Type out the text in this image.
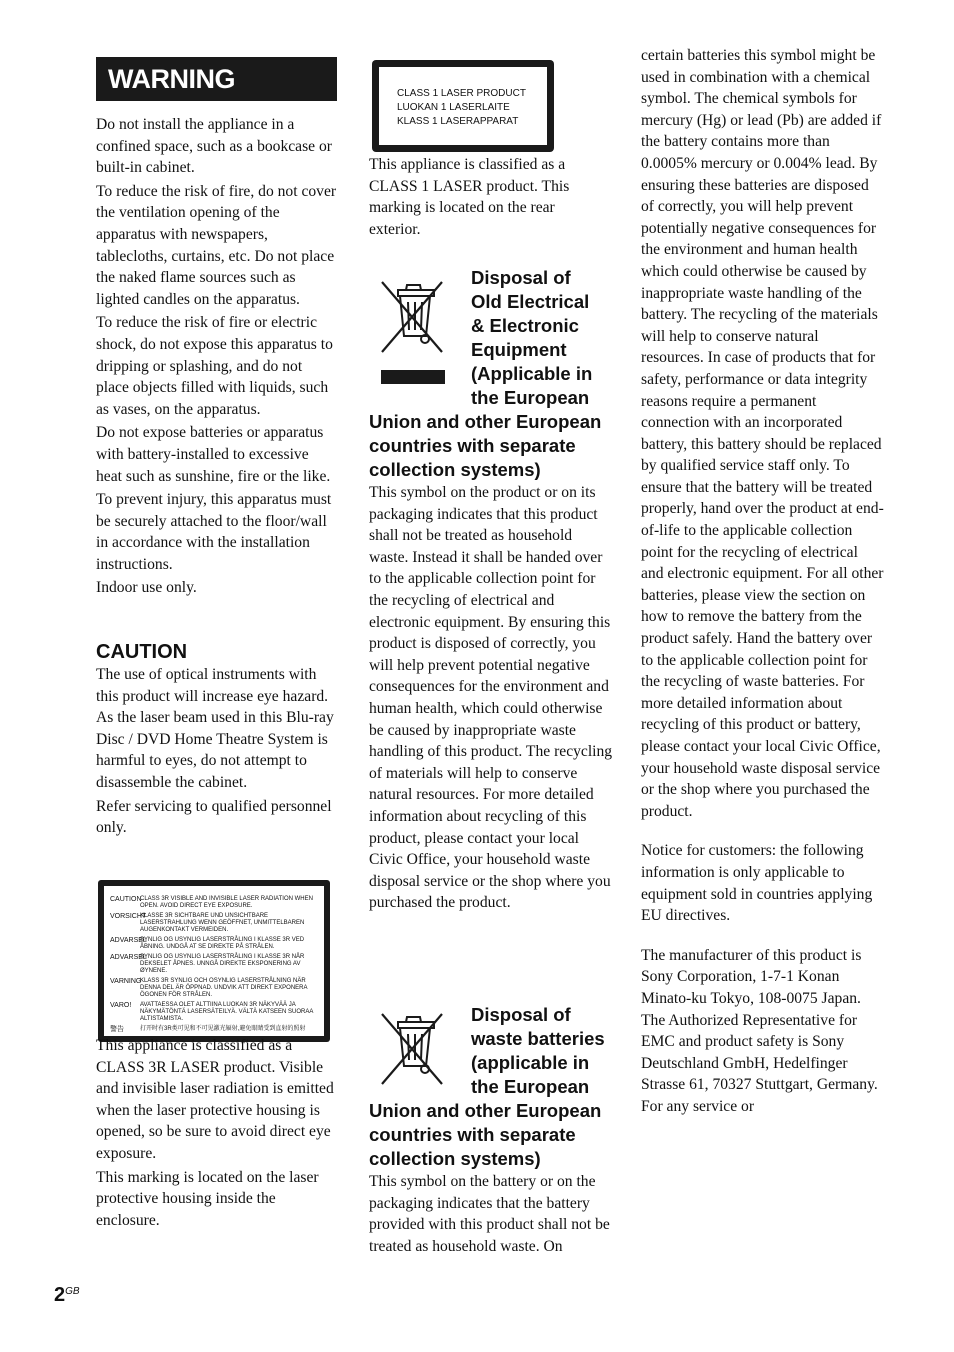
WARNING

Do not install the appliance in a confined space, such as a bookcase or built-in cabinet.

To reduce the risk of fire, do not cover the ventilation opening of the apparatus with newspapers, tablecloths, curtains, etc. Do not place the naked flame sources such as lighted candles on the apparatus.

To reduce the risk of fire or electric shock, do not expose this apparatus to dripping or splashing, and do not place objects filled with liquids, such as vases, on the apparatus.

Do not expose batteries or apparatus with battery-installed to excessive heat such as sunshine, fire or the like.

To prevent injury, this apparatus must be securely attached to the floor/wall in accordance with the installation instructions.

Indoor use only.

CAUTION

The use of optical instruments with this product will increase eye hazard. As the laser beam used in this Blu-ray Disc / DVD Home Theatre System is harmful to eyes, do not attempt to disassemble the cabinet.

Refer servicing to qualified personnel only.

CAUTION
CLASS 3R VISIBLE AND INVISIBLE LASER RADIATION WHEN OPEN. AVOID DIRECT EYE EXPOSURE.
VORSICHT
KLASSE 3R SICHTBARE UND UNSICHTBARE LASERSTRAHLUNG WENN GEÖFFNET, UNMITTELBAREN AUGENKONTAKT VERMEIDEN.
ADVARSEL
SYNLIG OG USYNLIG LASERSTRÅLING I KLASSE 3R VED ÅBNING. UNDGÅ AT SE DIREKTE PÅ STRÅLEN.
ADVARSEL
SYNLIG OG USYNLIG LASERSTRÅLING I KLASSE 3R NÅR DEKSELET ÅPNES. UNNGÅ DIREKTE EKSPONERING AV ØYNENE.
VARNING
KLASS 3R SYNLIG OCH OSYNLIG LASERSTRÅLNING NÄR DENNA DEL ÄR ÖPPNAD. UNDVIK ATT DIREKT EXPONERA ÖGONEN FÖR STRÅLEN.
VARO!	AVATTAESSA OLET ALTTIINA LUOKAN 3R NÄKYVÄÄ JA NÄKYMÄTÖNTÄ LASERSÄTEILYÄ. VÄLTÄ KATSEEN SUORAA ALTISTAMISTA.
警告	打开时有3R类可见和不可见激光辐射,避免眼睛受到直射的照射

This appliance is classified as a CLASS 3R LASER product. Visible and invisible laser radiation is emitted when the laser protective housing is opened, so be sure to avoid direct eye exposure.

This marking is located on the laser protective housing inside the enclosure.

CLASS 1 LASER PRODUCT
LUOKAN 1 LASERLAITE
KLASS 1 LASERAPPARAT

This appliance is classified as a CLASS 1 LASER product. This marking is located on the rear exterior.

Disposal of

Old Electrical

& Electronic

Equipment

(Applicable in

the European

Union and other European countries with separate collection systems)

This symbol on the product or on its packaging indicates that this product shall not be treated as household waste. Instead it shall be handed over to the applicable collection point for the recycling of electrical and electronic equipment. By ensuring this product is disposed of correctly, you will help prevent potential negative consequences for the environment and human health, which could otherwise be caused by inappropriate waste handling of this product. The recycling of materials will help to conserve natural resources. For more detailed information about recycling of this product, please contact your local Civic Office, your household waste disposal service or the shop where you purchased the product.

Disposal of

waste batteries

(applicable in

the European

Union and other European countries with separate collection systems)

This symbol on the battery or on the packaging indicates that the battery provided with this product shall not be treated as household waste. On

certain batteries this symbol might be used in combination with a chemical symbol. The chemical symbols for mercury (Hg) or lead (Pb) are added if the battery contains more than 0.0005% mercury or 0.004% lead. By ensuring these batteries are disposed of correctly, you will help prevent potentially negative consequences for the environment and human health which could otherwise be caused by inappropriate waste handling of the battery. The recycling of the materials will help to conserve natural resources. In case of products that for safety, performance or data integrity reasons require a permanent connection with an incorporated battery, this battery should be replaced by qualified service staff only. To ensure that the battery will be treated properly, hand over the product at end-of-life to the applicable collection point for the recycling of electrical and electronic equipment. For all other batteries, please view the section on how to remove the battery from the product safely. Hand the battery over to the applicable collection point for the recycling of waste batteries. For more detailed information about recycling of this product or battery, please contact your local Civic Office, your household waste disposal service or the shop where you purchased the product.

Notice for customers: the following information is only applicable to equipment sold in countries applying EU directives.

The manufacturer of this product is Sony Corporation, 1-7-1 Konan Minato-ku Tokyo, 108-0075 Japan. The Authorized Representative for EMC and product safety is Sony Deutschland GmbH, Hedelfinger Strasse 61, 70327 Stuttgart, Germany. For any service or

$2^{GB}$
